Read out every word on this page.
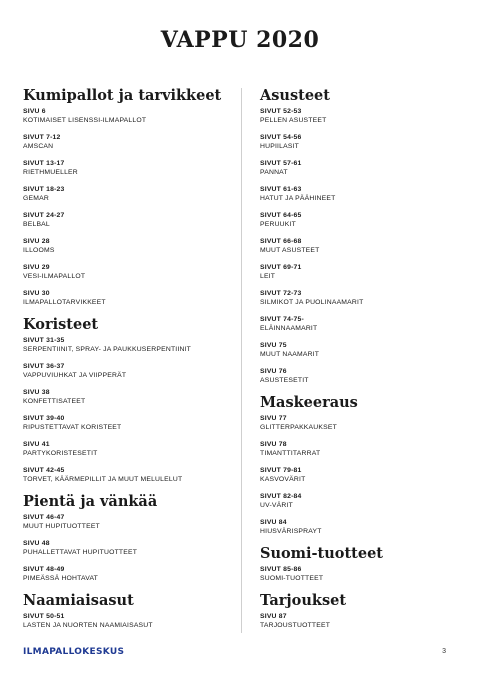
VAPPU 2020
Kumipallot ja tarvikkeet
SIVU 6
KOTIMAISET LISENSSI-ILMAPALLOT
SIVUT 7-12
AMSCAN
SIVUT 13-17
RIETHMUELLER
SIVUT 18-23
GEMAR
SIVUT 24-27
BELBAL
SIVU 28
ILLOOMS
SIVU 29
VESI-ILMAPALLOT
SIVU 30
ILMAPALLOTARVIKKEET
Koristeet
SIVUT 31-35
SERPENTIINIT, SPRAY- JA PAUKKUSERPENTIINIT
SIVUT 36-37
VAPPUVIUHKAT JA VIIPPERÄT
SIVU 38
KONFETTISATEET
SIVUT 39-40
RIPUSTETTAVAT KORISTEET
SIVU 41
PARTYKORISTESETIT
SIVUT 42-45
TORVET, KÄÄRMEPILLIT JA MUUT MELULELUT
Pientä ja vänkää
SIVUT 46-47
MUUT HUPITUOTTEET
SIVU 48
PUHALLETTAVAT HUPITUOTTEET
SIVUT 48-49
PIMEÄSSÄ HOHTAVAT
Naamiaisasut
SIVUT 50-51
LASTEN JA NUORTEN NAAMIAISASUT
Asusteet
SIVUT 52-53
PELLEN ASUSTEET
SIVUT 54-56
HUPIILASIT
SIVUT 57-61
PANNAT
SIVUT 61-63
HATUT JA PÄÄHINEET
SIVUT 64-65
PERUUKIT
SIVUT 66-68
MUUT ASUSTEET
SIVUT 69-71
LEIT
SIVUT 72-73
SILMIKOT JA PUOLINAAMARIT
SIVUT 74-75-
ELÄINNAAMARIT
SIVU 75
MUUT NAAMARIT
SIVU 76
ASUSTESETIT
Maskeeraus
SIVU 77
GLITTERPAKKAUKSET
SIVU 78
TIMANTTITARRAT
SIVUT 79-81
KASVOVÄRIT
SIVUT 82-84
UV-VÄRIT
SIVU 84
HIUSVÄRISPRAYT
Suomi-tuotteet
SIVUT 85-86
SUOMI-TUOTTEET
Tarjoukset
SIVU 87
TARJOUSTUOTTEET
ILMAPALLOKESKUS	3
